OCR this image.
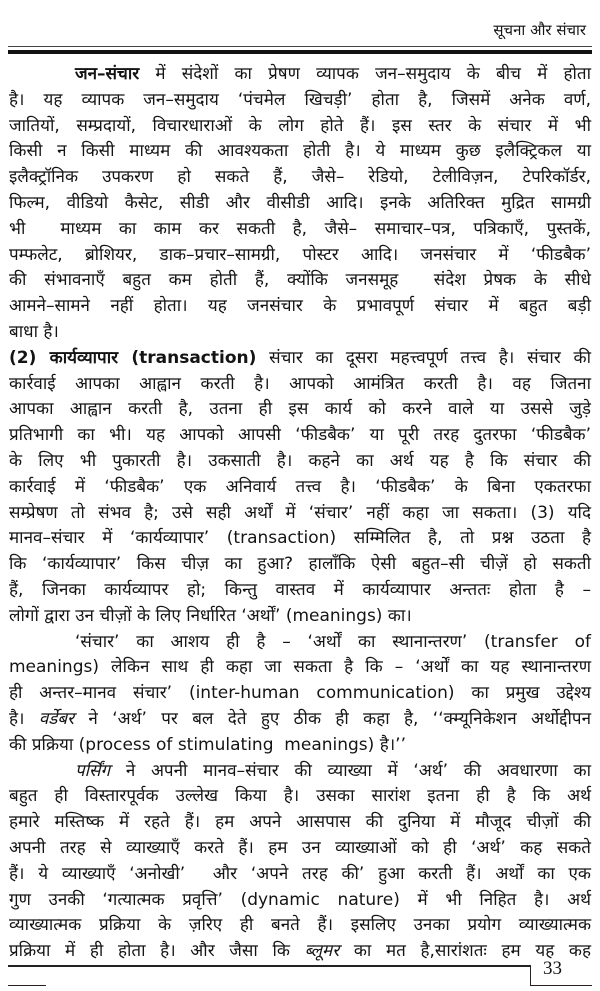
सूचना और संचार
जन–संचार में संदेशों का प्रेषण व्यापक जन–समुदाय के बीच में होता
है। यह व्यापक जन–समुदाय ‘पंचमेल खिचड़ी’ होता है, जिसमें अनेक वर्ण,
जातियों, सम्प्रदायों, विचारधाराओं के लोग होते हैं। इस स्तर के संचार में भी
किसी न किसी माध्यम की आवश्यकता होती है। ये माध्यम कुछ इलैक्ट्रिकल या
इलैक्ट्रॉनिक उपकरण हो सकते हैं, जैसे– रेडियो, टेलीविज़न, टेपरिकॉर्डर,
फिल्म, वीडियो कैसेट, सीडी और वीसीडी आदि। इनके अतिरिक्त मुद्रित सामग्री
भी  माध्यम का काम कर सकती है, जैसे– समाचार–पत्र, पत्रिकाएँ, पुस्तकें,
पम्फलेट, ब्रोशियर, डाक–प्रचार–सामग्री, पोस्टर आदि। जनसंचार में ‘फीडबैक’
की संभावनाएँ बहुत कम होती हैं, क्योंकि जनसमूह  संदेश प्रेषक के सीधे
आमने–सामने नहीं होता। यह जनसंचार के प्रभावपूर्ण संचार में बहुत बड़ी
बाधा है।
(2) कार्यव्यापार (transaction) संचार का दूसरा महत्त्वपूर्ण तत्त्व है। संचार की
कार्रवाई आपका आह्वान करती है। आपको आमंत्रित करती है। वह जितना
आपका आह्वान करती है, उतना ही इस कार्य को करने वाले या उससे जुड़े
प्रतिभागी का भी। यह आपको आपसी ‘फीडबैक’ या पूरी तरह दुतरफा ‘फीडबैक’
के लिए भी पुकारती है। उकसाती है। कहने का अर्थ यह है कि संचार की
कार्रवाई में ‘फीडबैक’ एक अनिवार्य तत्त्व है। ‘फीडबैक’ के बिना एकतरफा
सम्प्रेषण तो संभव है; उसे सही अर्थों में ‘संचार’ नहीं कहा जा सकता। (3) यदि
मानव–संचार में ‘कार्यव्यापार’ (transaction) सम्मिलित है, तो प्रश्न उठता है
कि ‘कार्यव्यापार’ किस चीज़ का हुआ? हालाँकि ऐसी बहुत–सी चीज़ें हो सकती
हैं, जिनका कार्यव्यापर हो; किन्तु वास्तव में कार्यव्यापार अन्ततः होता है –
लोगों द्वारा उन चीज़ों के लिए निर्धारित ‘अर्थों’ (meanings) का।
‘संचार’ का आशय ही है – ‘अर्थों का स्थानान्तरण’ (transfer of
meanings) लेकिन साथ ही कहा जा सकता है कि – ‘अर्थों का यह स्थानान्तरण
ही अन्तर–मानव संचार’ (inter-human communication) का प्रमुख उद्देश्य
है। वर्डेबर ने ‘अर्थ’ पर बल देते हुए ठीक ही कहा है, ‘‘क्म्यूनिकेशन अर्थोद्दीपन
की प्रक्रिया (process of stimulating  meanings) है।’’
पर्सिंग ने अपनी मानव–संचार की व्याख्या में ‘अर्थ’ की अवधारणा का
बहुत ही विस्तारपूर्वक उल्लेख किया है। उसका सारांश इतना ही है कि अर्थ
हमारे मस्तिष्क में रहते हैं। हम अपने आसपास की दुनिया में मौजूद चीज़ों की
अपनी तरह से व्याख्याएँ करते हैं। हम उन व्याख्याओं को ही ‘अर्थ’ कह सकते
हैं। ये व्याख्याएँ ‘अनोखी’  और ‘अपने तरह की’ हुआ करती हैं। अर्थों का एक
गुण उनकी ‘गत्यात्मक प्रवृत्ति’ (dynamic nature) में भी निहित है। अर्थ
व्याख्यात्मक प्रक्रिया के ज़रिए ही बनते हैं। इसलिए उनका प्रयोग व्याख्यात्मक
प्रक्रिया में ही होता है। और जैसा कि ब्लूमर का मत है,सारांशतः हम यह कह
33
